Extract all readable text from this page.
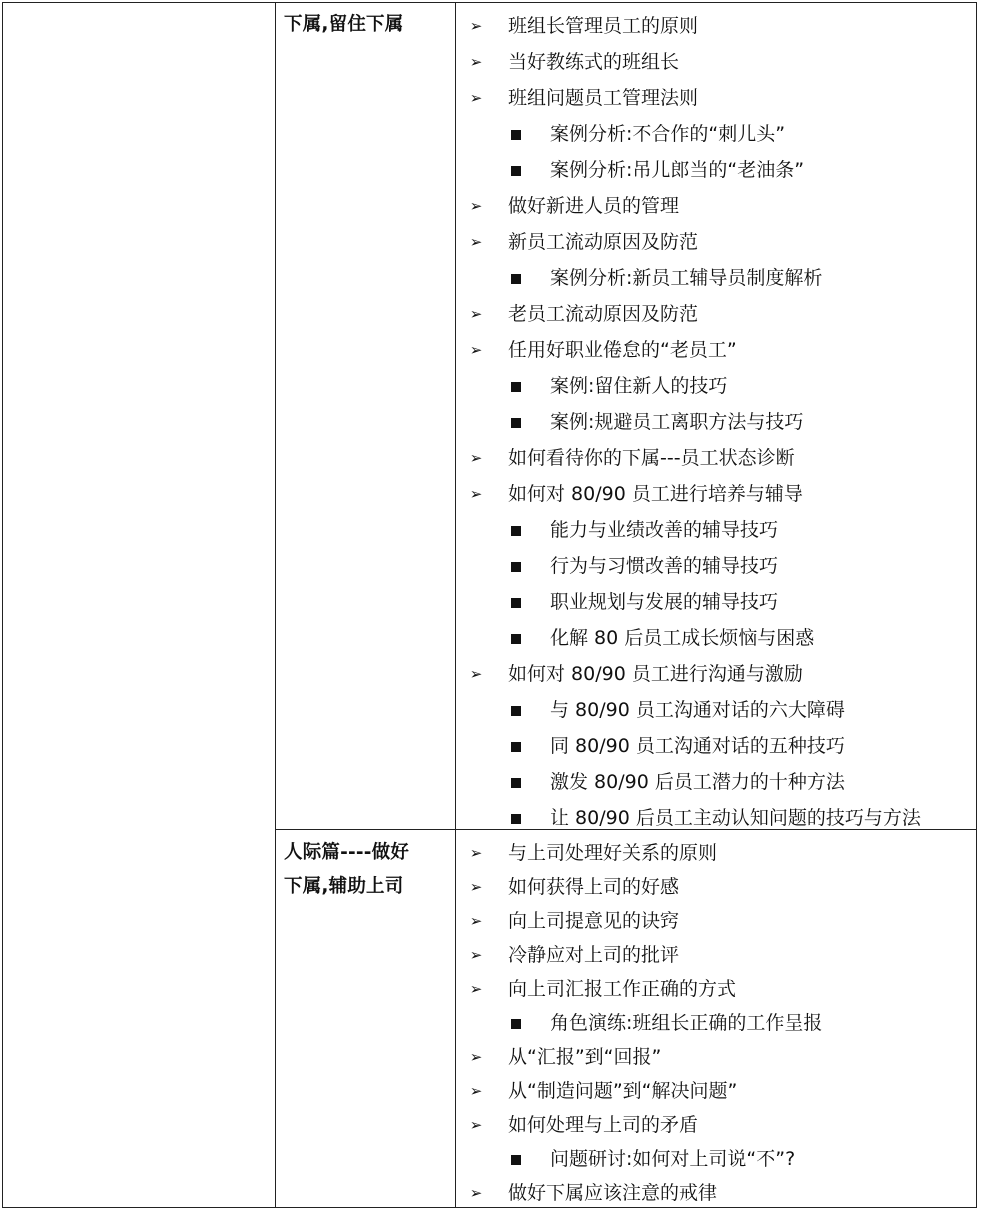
下属,留住下属	➢ 班组长管理员工的原则
➢ 当好教练式的班组长
➢ 班组问题员工管理法则
案例分析:不合作的“刺儿头”
案例分析:吊儿郎当的“老油条”
➢ 做好新进人员的管理
➢ 新员工流动原因及防范
案例分析:新员工辅导员制度解析
➢ 老员工流动原因及防范
➢ 任用好职业倦怠的“老员工”
案例:留住新人的技巧
案例:规避员工离职方法与技巧
➢ 如何看待你的下属---员工状态诊断
➢ 如何对 80/90 员工进行培养与辅导
能力与业绩改善的辅导技巧
行为与习惯改善的辅导技巧
职业规划与发展的辅导技巧
化解 80 后员工成长烦恼与困惑
➢ 如何对 80/90 员工进行沟通与激励
与 80/90 员工沟通对话的六大障碍
同 80/90 员工沟通对话的五种技巧
激发 80/90 后员工潜力的十种方法
让 80/90 后员工主动认知问题的技巧与方法
人际篇----做好
下属,辅助上司
➢ 与上司处理好关系的原则
➢ 如何获得上司的好感
➢ 向上司提意见的诀窍
➢ 冷静应对上司的批评
➢ 向上司汇报工作正确的方式
角色演练:班组长正确的工作呈报
➢ 从“汇报”到“回报”
➢ 从“制造问题”到“解决问题”
➢ 如何处理与上司的矛盾
问题研讨:如何对上司说“不”?
➢ 做好下属应该注意的戒律
